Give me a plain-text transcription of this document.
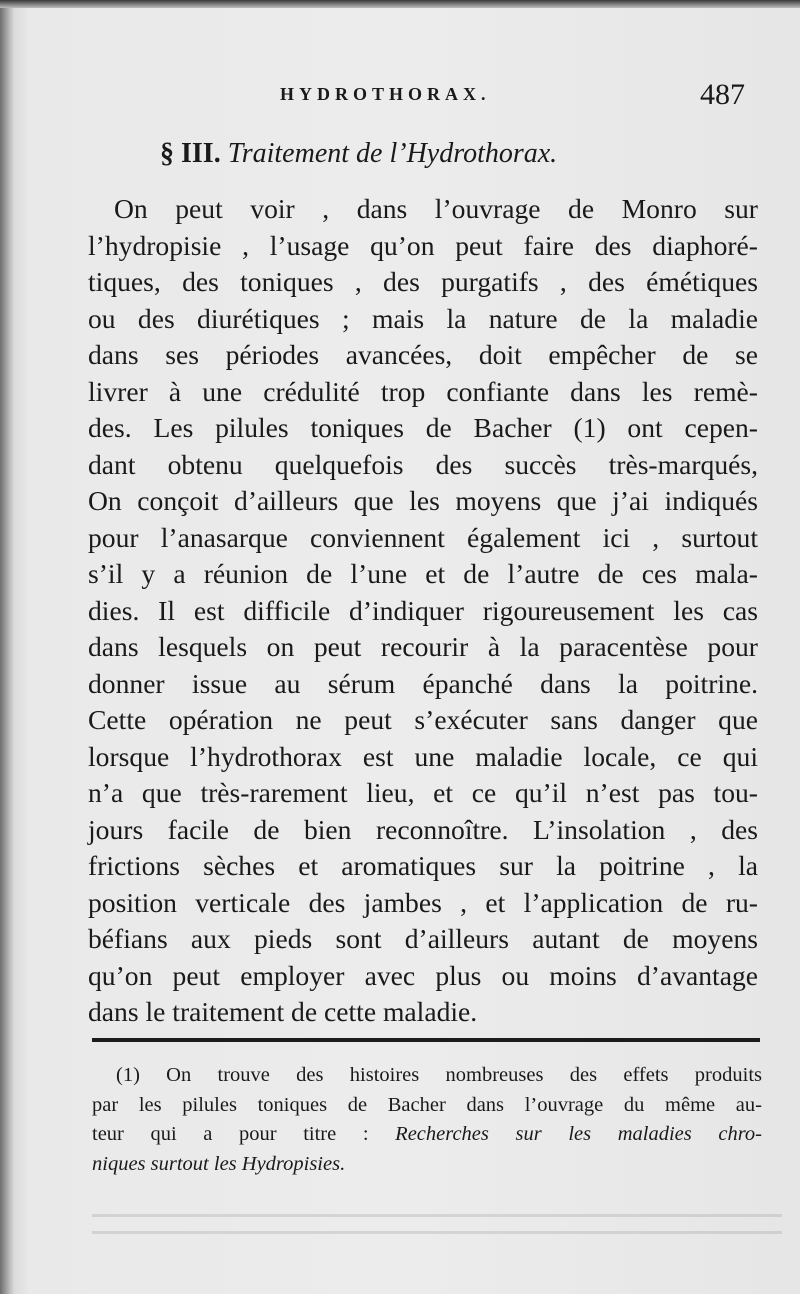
HYDROTHORAX.	487
§ III. Traitement de l’Hydrothorax.
On peut voir , dans l’ouvrage de Monro sur
l’hydropisie , l’usage qu’on peut faire des diaphoré-
tiques, des toniques , des purgatifs , des émétiques
ou des diurétiques ; mais la nature de la maladie
dans ses périodes avancées, doit empêcher de se
livrer à une crédulité trop confiante dans les remè-
des. Les pilules toniques de Bacher (1) ont cepen-
dant obtenu quelquefois des succès très-marqués,
On conçoit d’ailleurs que les moyens que j’ai indiqués
pour l’anasarque conviennent également ici , surtout
s’il y a réunion de l’une et de l’autre de ces mala-
dies. Il est difficile d’indiquer rigoureusement les cas
dans lesquels on peut recourir à la paracentèse pour
donner issue au sérum épanché dans la poitrine.
Cette opération ne peut s’exécuter sans danger que
lorsque l’hydrothorax est une maladie locale, ce qui
n’a que très-rarement lieu, et ce qu’il n’est pas tou-
jours facile de bien reconnoître. L’insolation , des
frictions sèches et aromatiques sur la poitrine , la
position verticale des jambes , et l’application de ru-
béfians aux pieds sont d’ailleurs autant de moyens
qu’on peut employer avec plus ou moins d’avantage
dans le traitement de cette maladie.
(1) On trouve des histoires nombreuses des effets produits
par les pilules toniques de Bacher dans l’ouvrage du même au-
teur qui a pour titre : Recherches sur les maladies chro-
niques surtout les Hydropisies.
